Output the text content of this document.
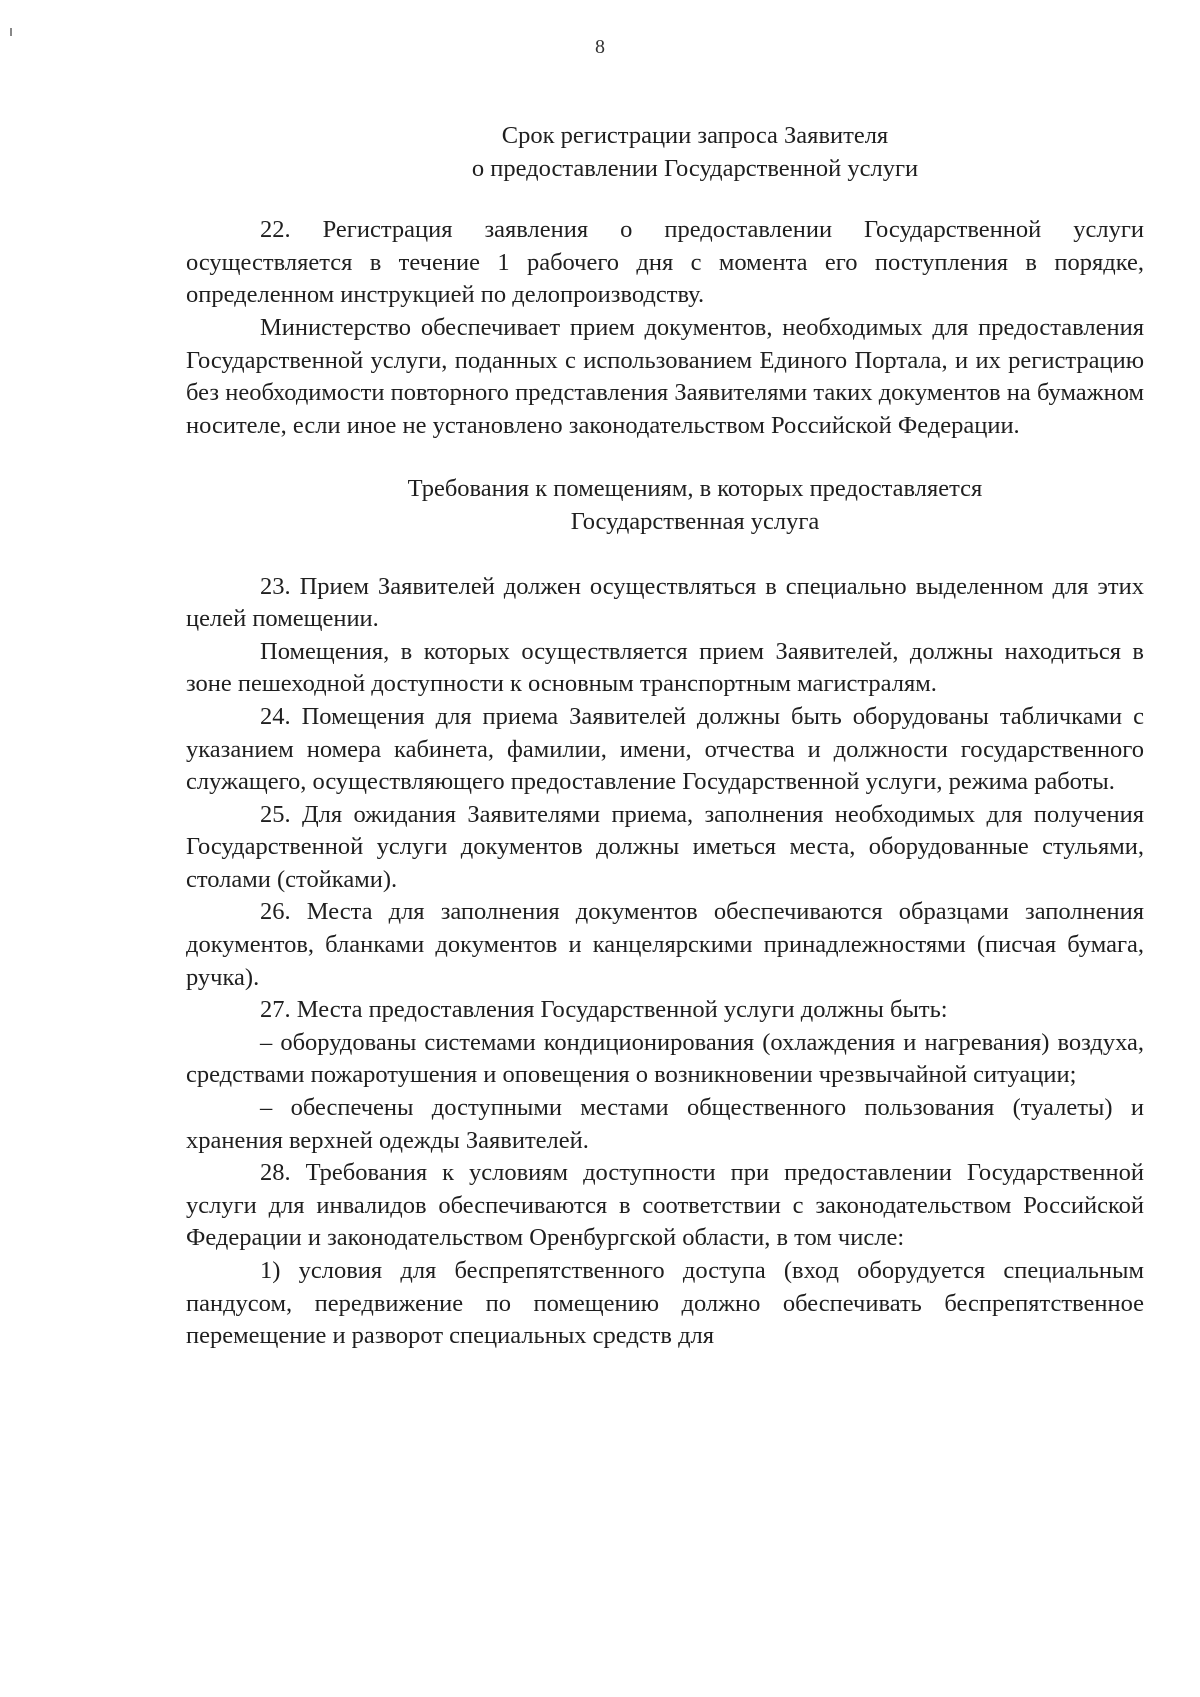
8
Срок регистрации запроса Заявителя
о предоставлении Государственной услуги

22. Регистрация заявления о предоставлении Государственной услуги осуществляется в течение 1 рабочего дня с момента его поступления в порядке, определенном инструкцией по делопроизводству.

Министерство обеспечивает прием документов, необходимых для предоставления Государственной услуги, поданных с использованием Единого Портала, и их регистрацию без необходимости повторного представления Заявителями таких документов на бумажном носителе, если иное не установлено законодательством Российской Федерации.

Требования к помещениям, в которых предоставляется
Государственная услуга

23. Прием Заявителей должен осуществляться в специально выделенном для этих целей помещении.

Помещения, в которых осуществляется прием Заявителей, должны находиться в зоне пешеходной доступности к основным транспортным магистралям.

24. Помещения для приема Заявителей должны быть оборудованы табличками с указанием номера кабинета, фамилии, имени, отчества и должности государственного служащего, осуществляющего предоставление Государственной услуги, режима работы.

25. Для ожидания Заявителями приема, заполнения необходимых для получения Государственной услуги документов должны иметься места, оборудованные стульями, столами (стойками).

26. Места для заполнения документов обеспечиваются образцами заполнения документов, бланками документов и канцелярскими принадлежностями (писчая бумага, ручка).

27. Места предоставления Государственной услуги должны быть:

– оборудованы системами кондиционирования (охлаждения и нагревания) воздуха, средствами пожаротушения и оповещения о возникновении чрезвычайной ситуации;

– обеспечены доступными местами общественного пользования (туалеты) и хранения верхней одежды Заявителей.

28. Требования к условиям доступности при предоставлении Государственной услуги для инвалидов обеспечиваются в соответствии с законодательством Российской Федерации и законодательством Оренбургской области, в том числе:

1) условия для беспрепятственного доступа (вход оборудуется специальным пандусом, передвижение по помещению должно обеспечивать беспрепятственное перемещение и разворот специальных средств для
